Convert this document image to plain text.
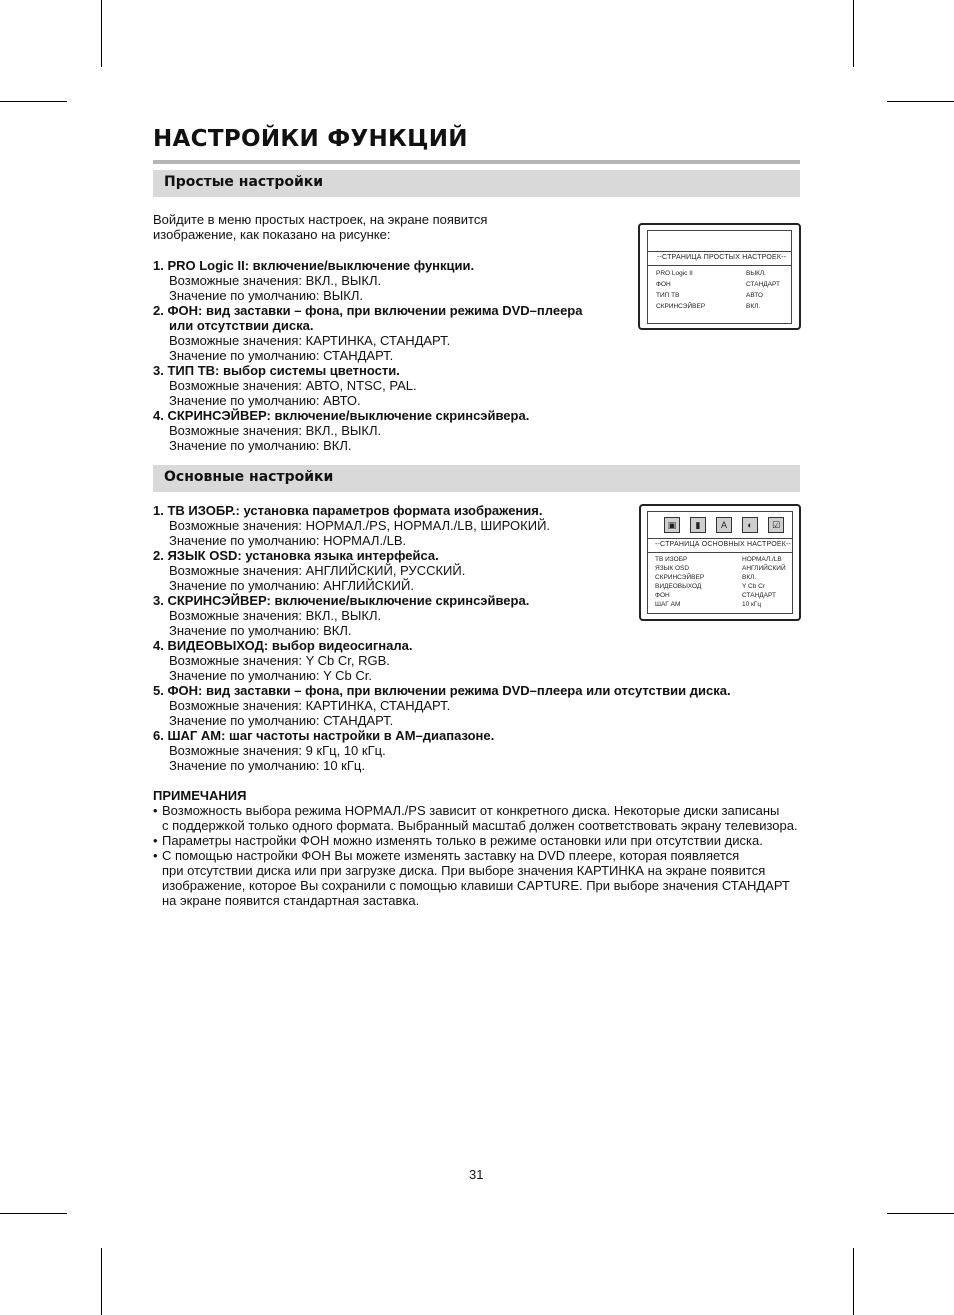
НАСТРОЙКИ ФУНКЦИЙ
Простые настройки

Войдите в меню простых настроек, на экране появится
изображение, как показано на рисунке:

1. PRO Logic II: включение/выключение функции.
Возможные значения: ВКЛ., ВЫКЛ.
Значение по умолчанию: ВЫКЛ.
2. ФОН: вид заставки – фона, при включении режима DVD–плеера
или отсутствии диска.
Возможные значения: КАРТИНКА, СТАНДАРТ.
Значение по умолчанию: СТАНДАРТ.
3. ТИП ТВ: выбор системы цветности.
Возможные значения: АВТО, NTSC, PAL.
Значение по умолчанию: АВТО.
4. СКРИНСЭЙВЕР: включение/выключение скринсэйвера.
Возможные значения: ВКЛ., ВЫКЛ.
Значение по умолчанию: ВКЛ.
--СТРАНИЦА ПРОСТЫХ НАСТРОЕК--
PRO Logic II	ВЫКЛ.
ФОН	СТАНДАРТ
ТИП ТВ	АВТО
СКРИНСЭЙВЕР	ВКЛ.
Основные настройки
1. ТВ ИЗОБР.: установка параметров формата изображения.
Возможные значения: НОРМАЛ./PS, НОРМАЛ./LB, ШИРОКИЙ.
Значение по умолчанию: НОРМАЛ./LB.
2. ЯЗЫК OSD: установка языка интерфейса.
Возможные значения: АНГЛИЙСКИЙ, РУССКИЙ.
Значение по умолчанию: АНГЛИЙСКИЙ.
3. СКРИНСЭЙВЕР: включение/выключение скринсэйвера.
Возможные значения: ВКЛ., ВЫКЛ.
Значение по умолчанию: ВКЛ.
4. ВИДЕОВЫХОД: выбор видеосигнала.
Возможные значения: Y Cb Cr, RGB.
Значение по умолчанию: Y Cb Cr.
5. ФОН: вид заставки – фона, при включении режима DVD–плеера или отсутствии диска.
Возможные значения: КАРТИНКА, СТАНДАРТ.
Значение по умолчанию: СТАНДАРТ.
6. ШАГ АМ: шаг частоты настройки в АМ–диапазоне.
Возможные значения: 9 кГц, 10 кГц.
Значение по умолчанию: 10 кГц.
▣	▮	A	◐	☑
--СТРАНИЦА ОСНОВНЫХ НАСТРОЕК--
ТВ ИЗОБР	НОРМАЛ./LB
ЯЗЫК OSD	АНГЛИЙСКИЙ
СКРИНСЭЙВЕР	ВКЛ.
ВИДЕОВЫХОД	Y Cb Cr
ФОН	СТАНДАРТ
ШАГ АМ	10 кГц
ПРИМЕЧАНИЯ
• Возможность выбора режима НОРМАЛ./PS зависит от конкретного диска. Некоторые диски записаны
с поддержкой только одного формата. Выбранный масштаб должен соответствовать экрану телевизора.
• Параметры настройки ФОН можно изменять только в режиме остановки или при отсутствии диска.
• С помощью настройки ФОН Вы можете изменять заставку на DVD плеере, которая появляется
при отсутствии диска или при загрузке диска. При выборе значения КАРТИНКА на экране появится
изображение, которое Вы сохранили с помощью клавиши CAPTURE. При выборе значения СТАНДАРТ
на экране появится стандартная заставка.
31
